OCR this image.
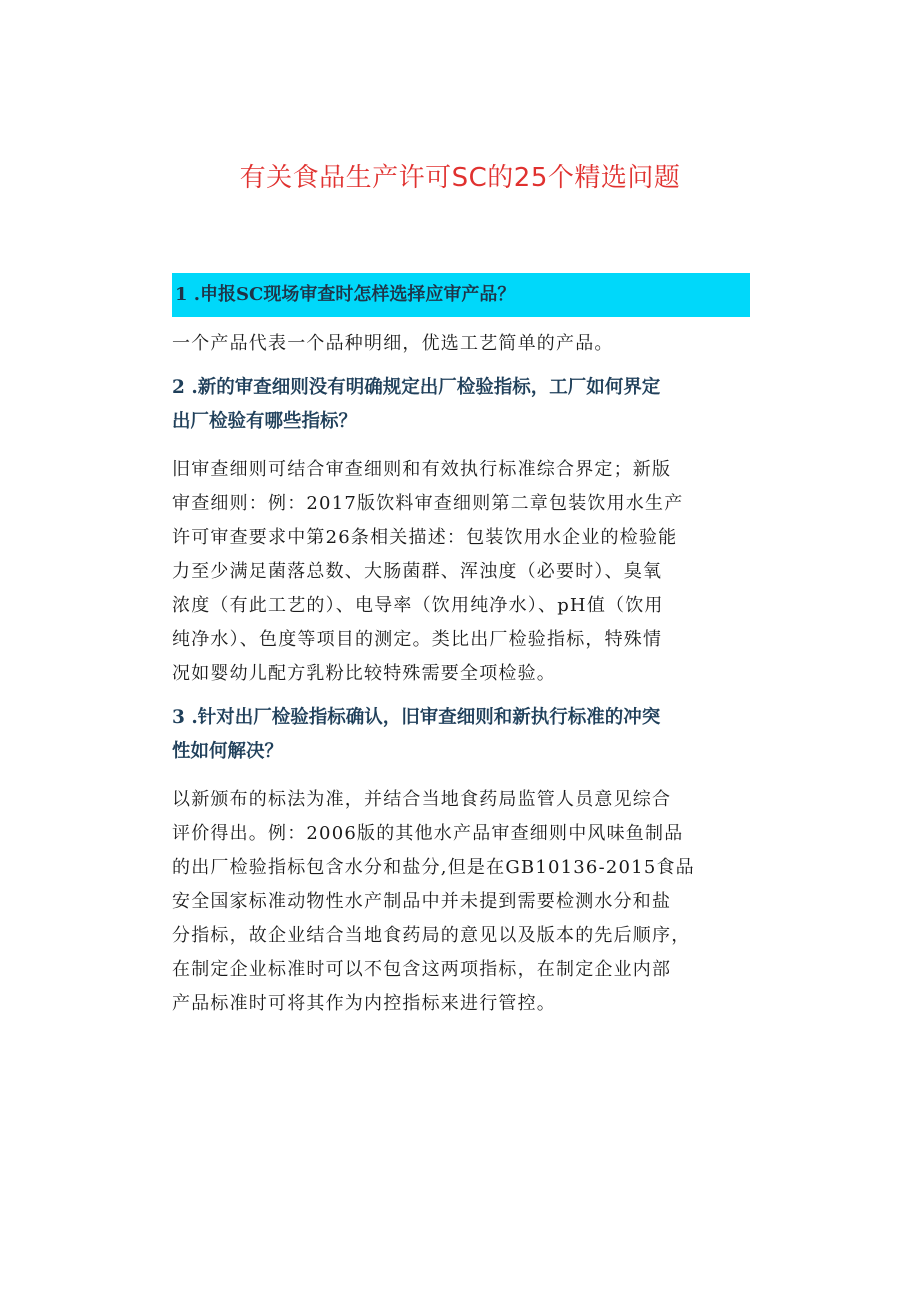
有关食品生产许可SC的25个精选问题
1 .申报SC现场审查时怎样选择应审产品？

一个产品代表一个品种明细，优选工艺简单的产品。

2 .新的审查细则没有明确规定出厂检验指标，工厂如何界定
出厂检验有哪些指标？

旧审查细则可结合审查细则和有效执行标准综合界定；新版
审查细则：例：2017版饮料审查细则第二章包装饮用水生产
许可审查要求中第26条相关描述：包装饮用水企业的检验能
力至少满足菌落总数、大肠菌群、浑浊度（必要时）、臭氧
浓度（有此工艺的）、电导率（饮用纯净水）、pH值（饮用
纯净水）、色度等项目的测定。类比出厂检验指标，特殊情
况如婴幼儿配方乳粉比较特殊需要全项检验。

3 .针对出厂检验指标确认，旧审查细则和新执行标准的冲突
性如何解决？

以新颁布的标法为准，并结合当地食药局监管人员意见综合
评价得出。例：2006版的其他水产品审查细则中风味鱼制品
的出厂检验指标包含水分和盐分,但是在GB10136-2015食品
安全国家标准动物性水产制品中并未提到需要检测水分和盐
分指标，故企业结合当地食药局的意见以及版本的先后顺序，
在制定企业标准时可以不包含这两项指标，在制定企业内部
产品标准时可将其作为内控指标来进行管控。
